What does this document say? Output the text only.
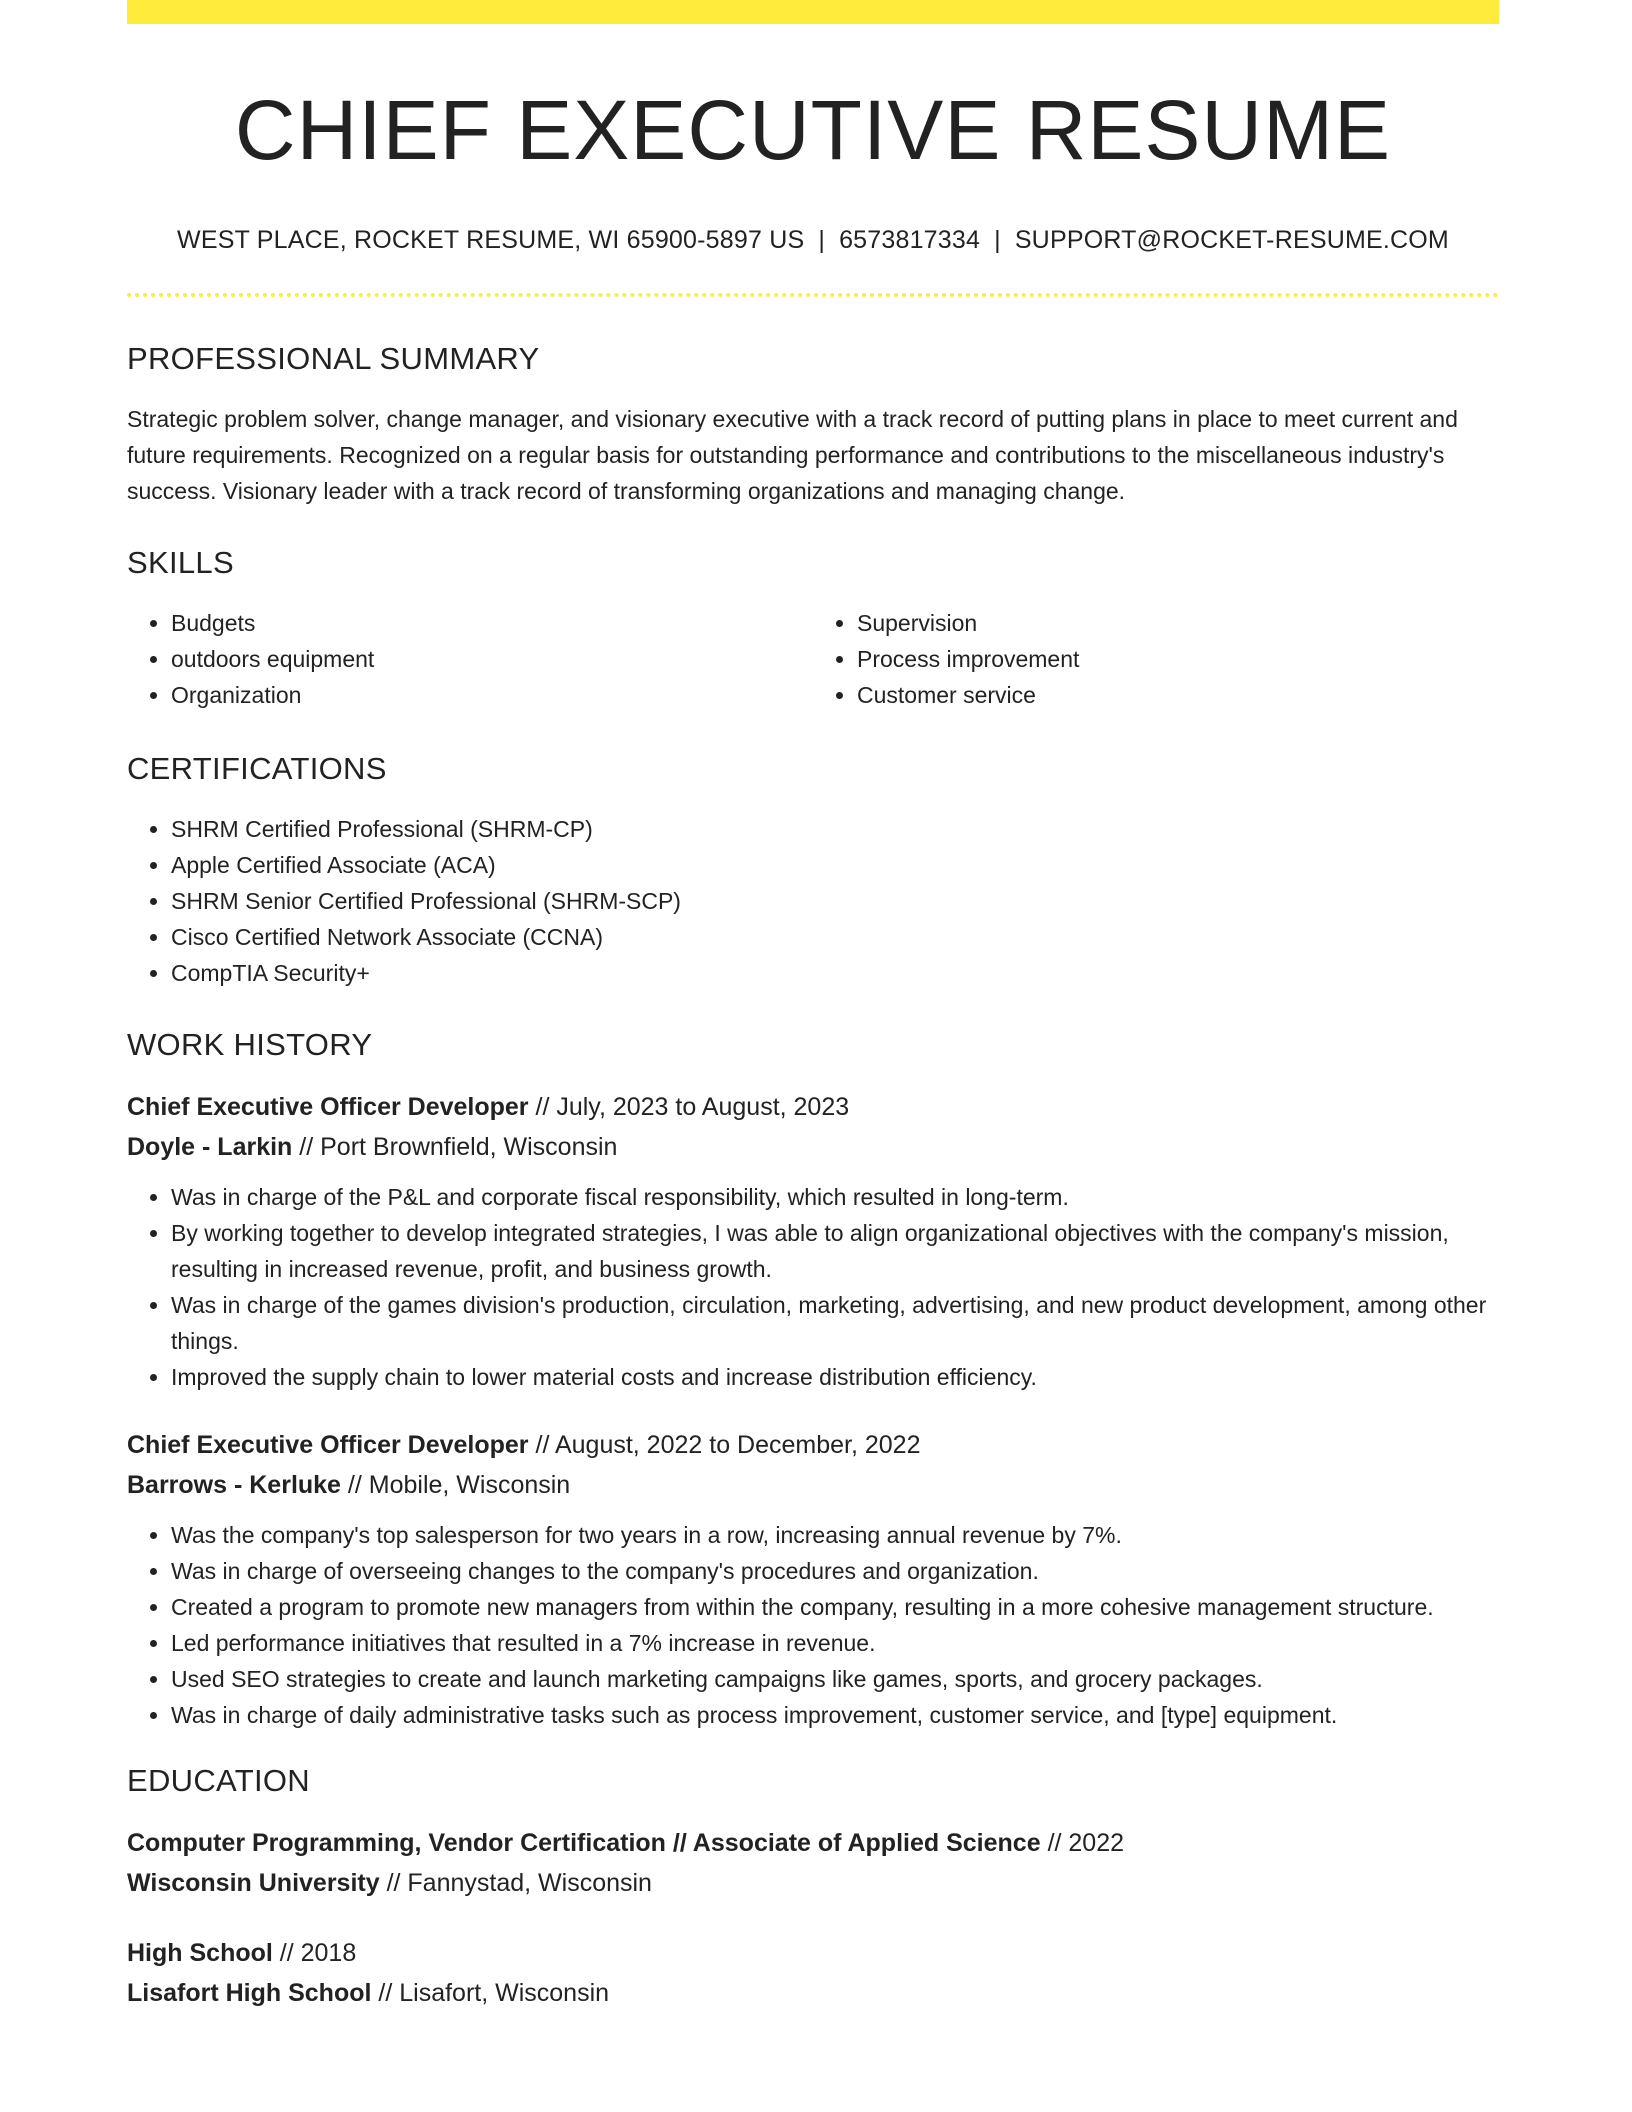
CHIEF EXECUTIVE RESUME
WEST PLACE, ROCKET RESUME, WI 65900-5897 US | 6573817334 | SUPPORT@ROCKET-RESUME.COM
PROFESSIONAL SUMMARY

Strategic problem solver, change manager, and visionary executive with a track record of putting plans in place to meet current and future requirements. Recognized on a regular basis for outstanding performance and contributions to the miscellaneous industry's success. Visionary leader with a track record of transforming organizations and managing change.

SKILLS
• Budgets
• outdoors equipment
• Organization
• Supervision
• Process improvement
• Customer service
CERTIFICATIONS
• SHRM Certified Professional (SHRM-CP)
• Apple Certified Associate (ACA)
• SHRM Senior Certified Professional (SHRM-SCP)
• Cisco Certified Network Associate (CCNA)
• CompTIA Security+
WORK HISTORY
Chief Executive Officer Developer // July, 2023 to August, 2023
Doyle - Larkin // Port Brownfield, Wisconsin
• Was in charge of the P&L and corporate fiscal responsibility, which resulted in long-term.
• By working together to develop integrated strategies, I was able to align organizational objectives with the company's mission, resulting in increased revenue, profit, and business growth.
• Was in charge of the games division's production, circulation, marketing, advertising, and new product development, among other things.
• Improved the supply chain to lower material costs and increase distribution efficiency.
Chief Executive Officer Developer // August, 2022 to December, 2022
Barrows - Kerluke // Mobile, Wisconsin
• Was the company's top salesperson for two years in a row, increasing annual revenue by 7%.
• Was in charge of overseeing changes to the company's procedures and organization.
• Created a program to promote new managers from within the company, resulting in a more cohesive management structure.
• Led performance initiatives that resulted in a 7% increase in revenue.
• Used SEO strategies to create and launch marketing campaigns like games, sports, and grocery packages.
• Was in charge of daily administrative tasks such as process improvement, customer service, and [type] equipment.
EDUCATION
Computer Programming, Vendor Certification // Associate of Applied Science // 2022
Wisconsin University // Fannystad, Wisconsin
High School // 2018
Lisafort High School // Lisafort, Wisconsin
